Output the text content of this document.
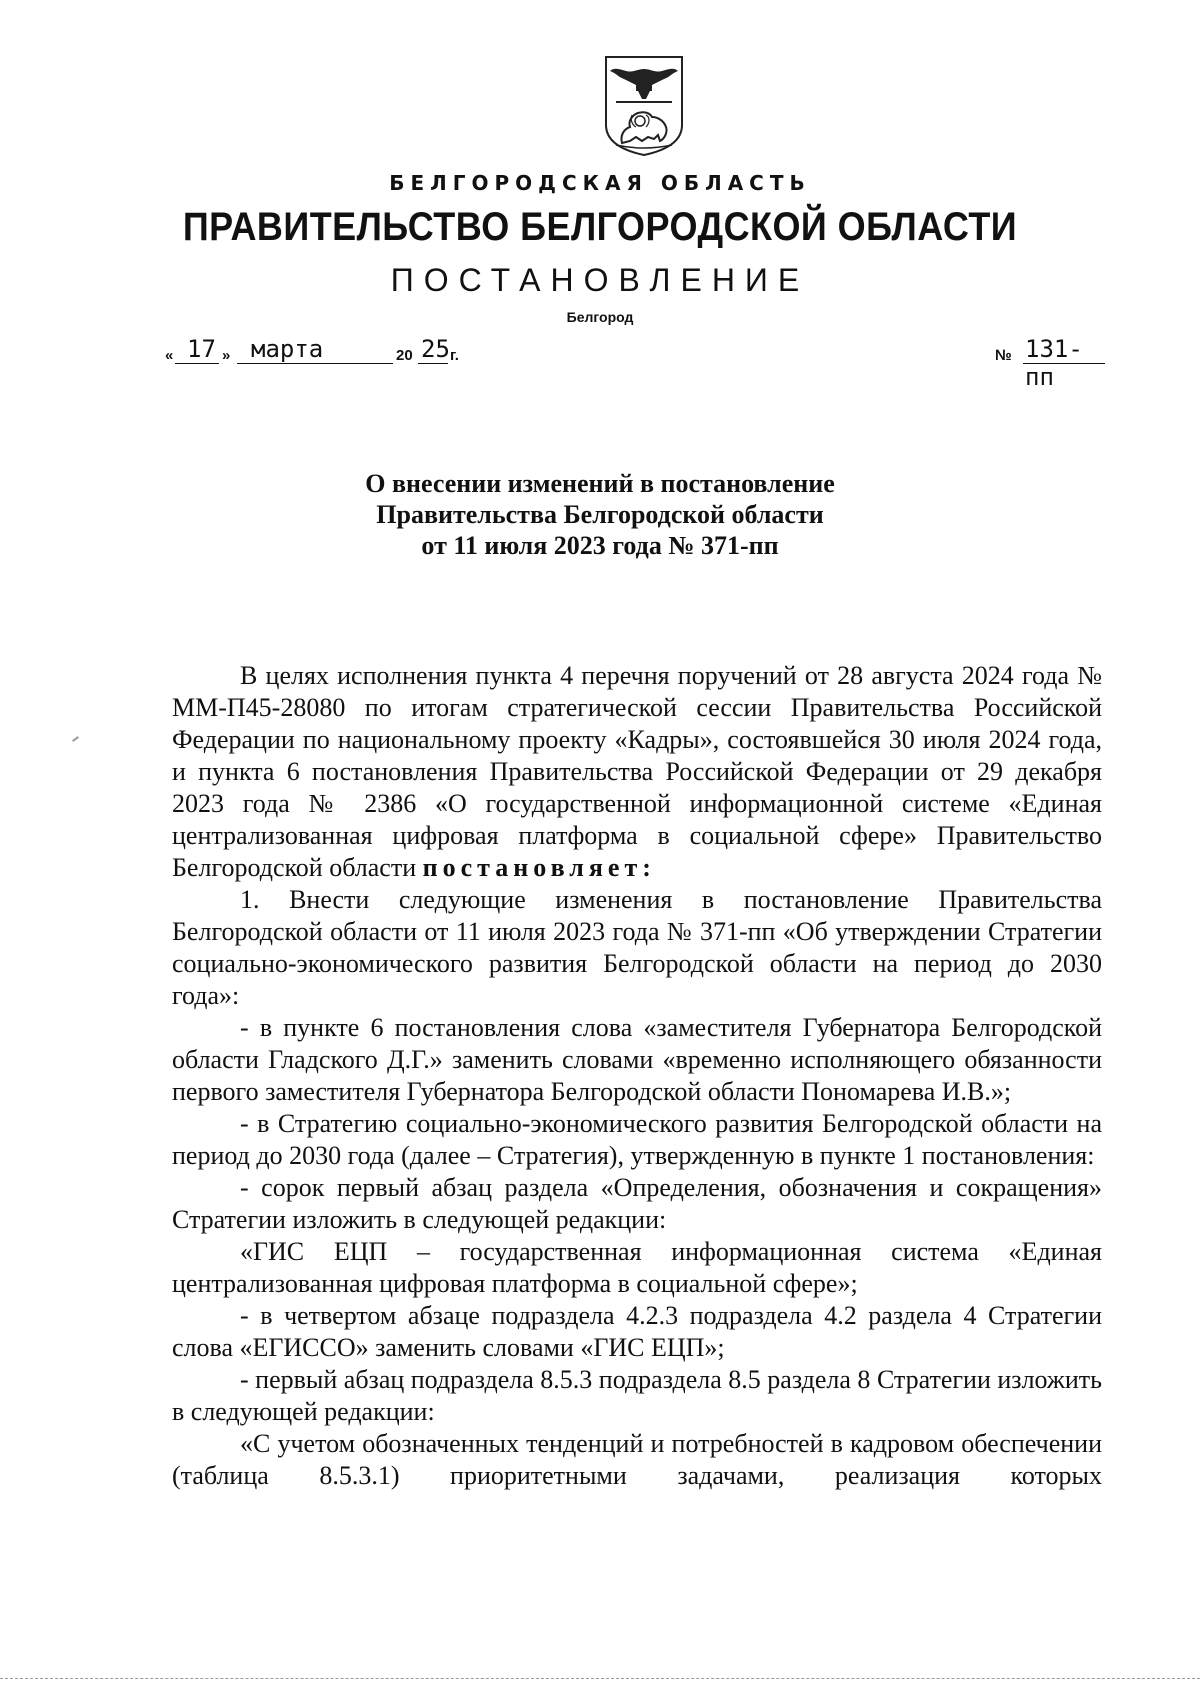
БЕЛГОРОДСКАЯ ОБЛАСТЬ
ПРАВИТЕЛЬСТВО БЕЛГОРОДСКОЙ ОБЛАСТИ
ПОСТАНОВЛЕНИЕ
Белгород
« 17 » марта	20 25 г.	№ 131-пп
О внесении изменений в постановление
Правительства Белгородской области
от 11 июля 2023 года № 371-пп

В целях исполнения пункта 4 перечня поручений от 28 августа 2024 года № ММ-П45-28080 по итогам стратегической сессии Правительства Российской Федерации по национальному проекту «Кадры», состоявшейся 30 июля 2024 года, и пункта 6 постановления Правительства Российской Федерации от 29 декабря 2023 года № 2386 «О государственной информационной системе «Единая централизованная цифровая платформа в социальной сфере» Правительство Белгородской области постановляет:

1. Внести следующие изменения в постановление Правительства Белгородской области от 11 июля 2023 года № 371-пп «Об утверждении Стратегии социально-экономического развития Белгородской области на период до 2030 года»:

- в пункте 6 постановления слова «заместителя Губернатора Белгородской области Гладского Д.Г.» заменить словами «временно исполняющего обязанности первого заместителя Губернатора Белгородской области Пономарева И.В.»;

- в Стратегию социально-экономического развития Белгородской области на период до 2030 года (далее – Стратегия), утвержденную в пункте 1 постановления:

- сорок первый абзац раздела «Определения, обозначения и сокращения» Стратегии изложить в следующей редакции:

«ГИС ЕЦП – государственная информационная система «Единая централизованная цифровая платформа в социальной сфере»;

- в четвертом абзаце подраздела 4.2.3 подраздела 4.2 раздела 4 Стратегии слова «ЕГИССО» заменить словами «ГИС ЕЦП»;

- первый абзац подраздела 8.5.3 подраздела 8.5 раздела 8 Стратегии изложить в следующей редакции:

«С учетом обозначенных тенденций и потребностей в кадровом обеспечении (таблица 8.5.3.1) приоритетными задачами, реализация которых
